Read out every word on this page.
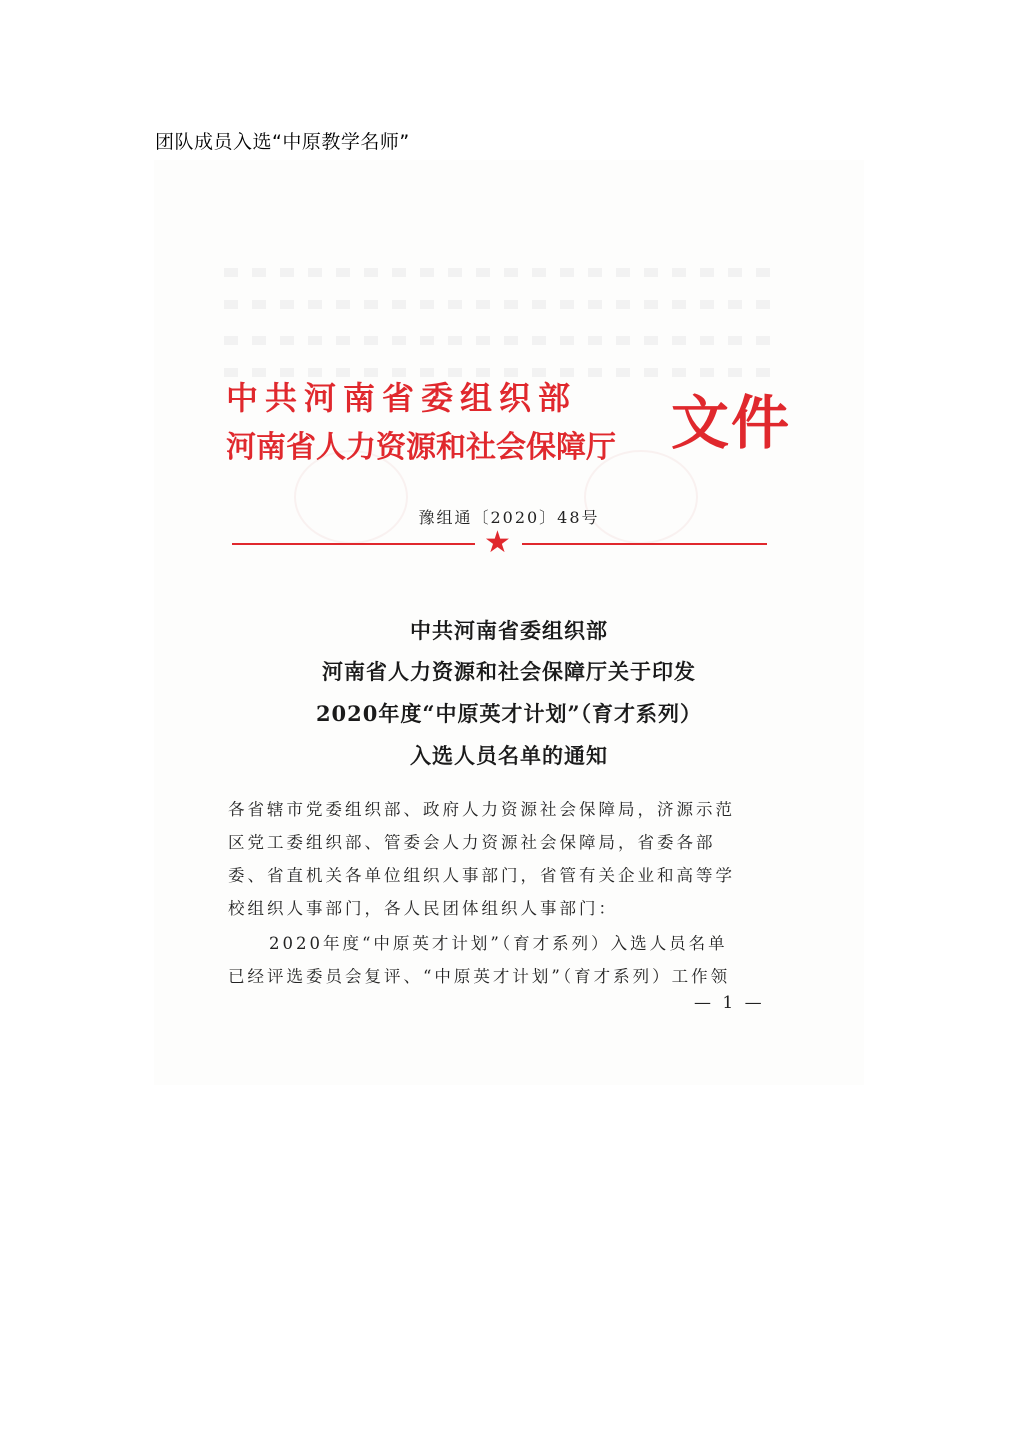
团队成员入选“中原教学名师”
中共河南省委组织部
河南省人力资源和社会保障厅 文件
豫组通〔2020〕48号
★
中共河南省委组织部
河南省人力资源和社会保障厅关于印发
2020年度“中原英才计划”（育才系列）
入选人员名单的通知
各省辖市党委组织部、政府人力资源社会保障局，济源示范
区党工委组织部、管委会人力资源社会保障局，省委各部
委、省直机关各单位组织人事部门，省管有关企业和高等学
校组织人事部门，各人民团体组织人事部门：
2020年度“中原英才计划”（育才系列）入选人员名单
已经评选委员会复评、“中原英才计划”（育才系列）工作领
— 1 —
